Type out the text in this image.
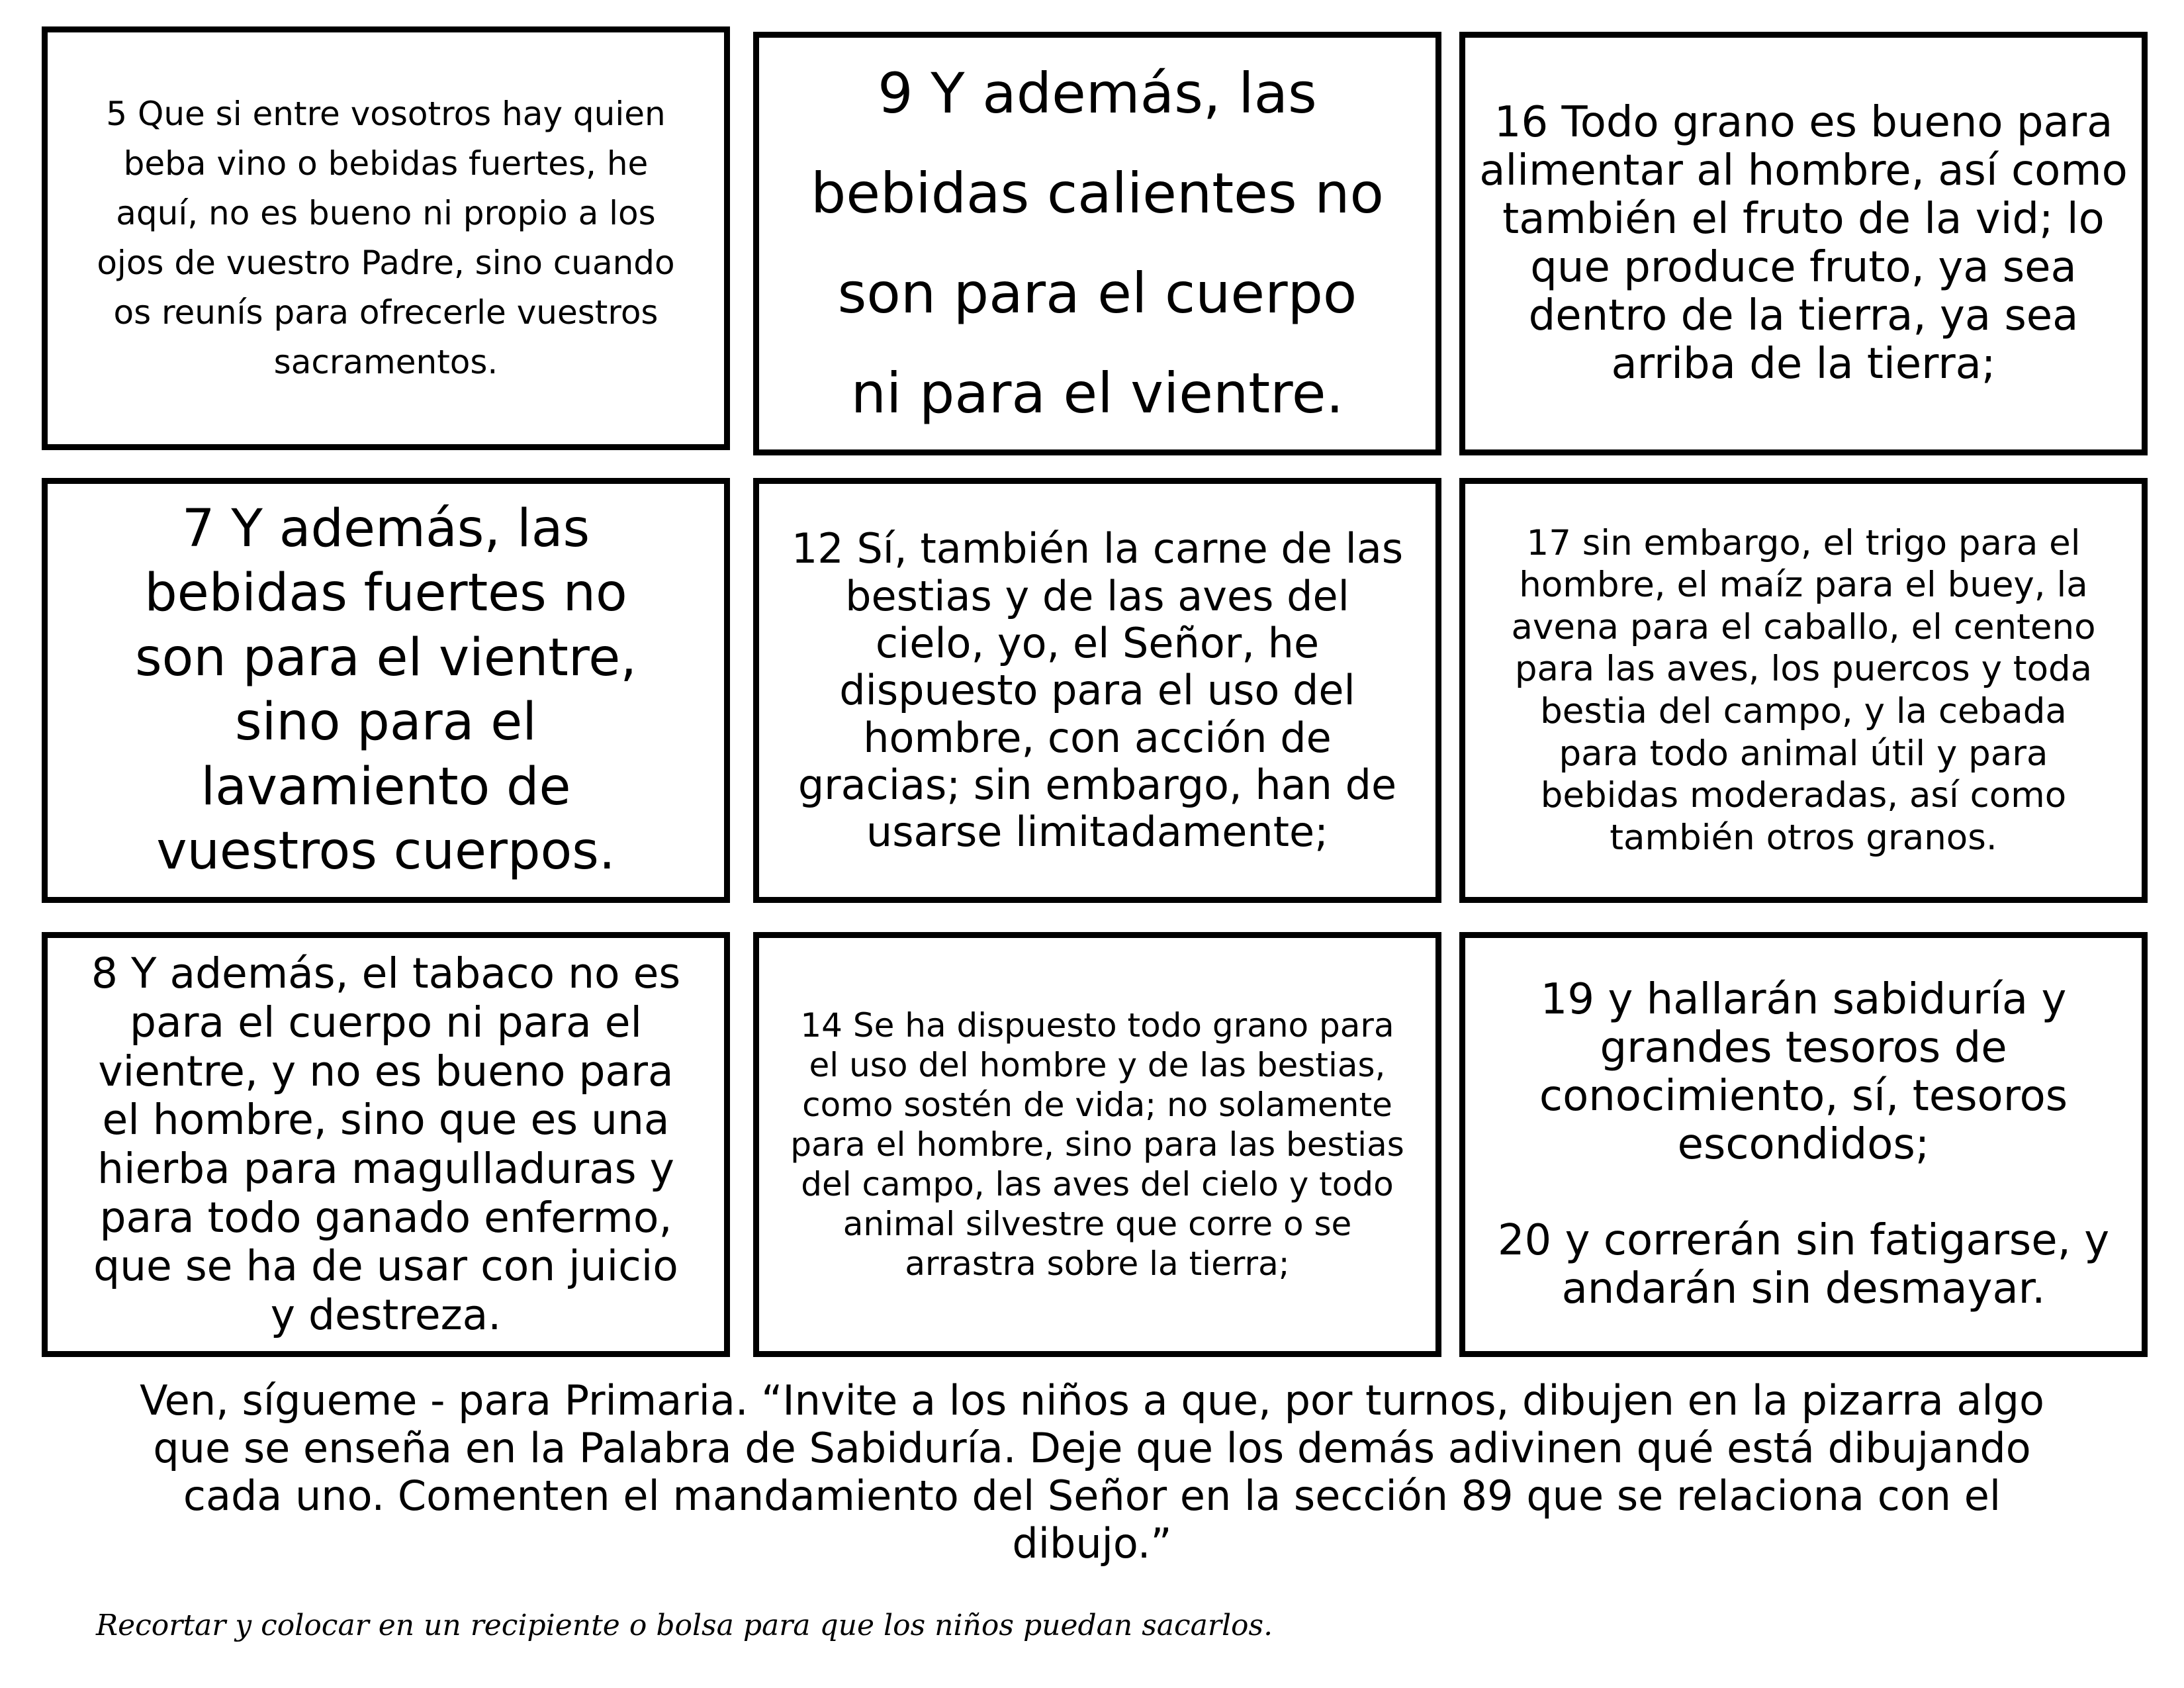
5 Que si entre vosotros hay quien
beba vino o bebidas fuertes, he
aquí, no es bueno ni propio a los
ojos de vuestro Padre, sino cuando
os reunís para ofrecerle vuestros
sacramentos.
9 Y además, las
bebidas calientes no
son para el cuerpo
ni para el vientre.
16 Todo grano es bueno para
alimentar al hombre, así como
también el fruto de la vid; lo
que produce fruto, ya sea
dentro de la tierra, ya sea
arriba de la tierra;
7 Y además, las
bebidas fuertes no
son para el vientre,
sino para el
lavamiento de
vuestros cuerpos.
12 Sí, también la carne de las
bestias y de las aves del
cielo, yo, el Señor, he
dispuesto para el uso del
hombre, con acción de
gracias; sin embargo, han de
usarse limitadamente;
17 sin embargo, el trigo para el
hombre, el maíz para el buey, la
avena para el caballo, el centeno
para las aves, los puercos y toda
bestia del campo, y la cebada
para todo animal útil y para
bebidas moderadas, así como
también otros granos.
8 Y además, el tabaco no es
para el cuerpo ni para el
vientre, y no es bueno para
el hombre, sino que es una
hierba para magulladuras y
para todo ganado enfermo,
que se ha de usar con juicio
y destreza.
14 Se ha dispuesto todo grano para
el uso del hombre y de las bestias,
como sostén de vida; no solamente
para el hombre, sino para las bestias
del campo, las aves del cielo y todo
animal silvestre que corre o se
arrastra sobre la tierra;
19 y hallarán sabiduría y
grandes tesoros de
conocimiento, sí, tesoros
escondidos;

20 y correrán sin fatigarse, y
andarán sin desmayar.
Ven, sígueme - para Primaria. “Invite a los niños a que, por turnos, dibujen en la pizarra algo
que se enseña en la Palabra de Sabiduría. Deje que los demás adivinen qué está dibujando
cada uno. Comenten el mandamiento del Señor en la sección 89 que se relaciona con el
dibujo.”
Recortar y colocar en un recipiente o bolsa para que los niños puedan sacarlos.
